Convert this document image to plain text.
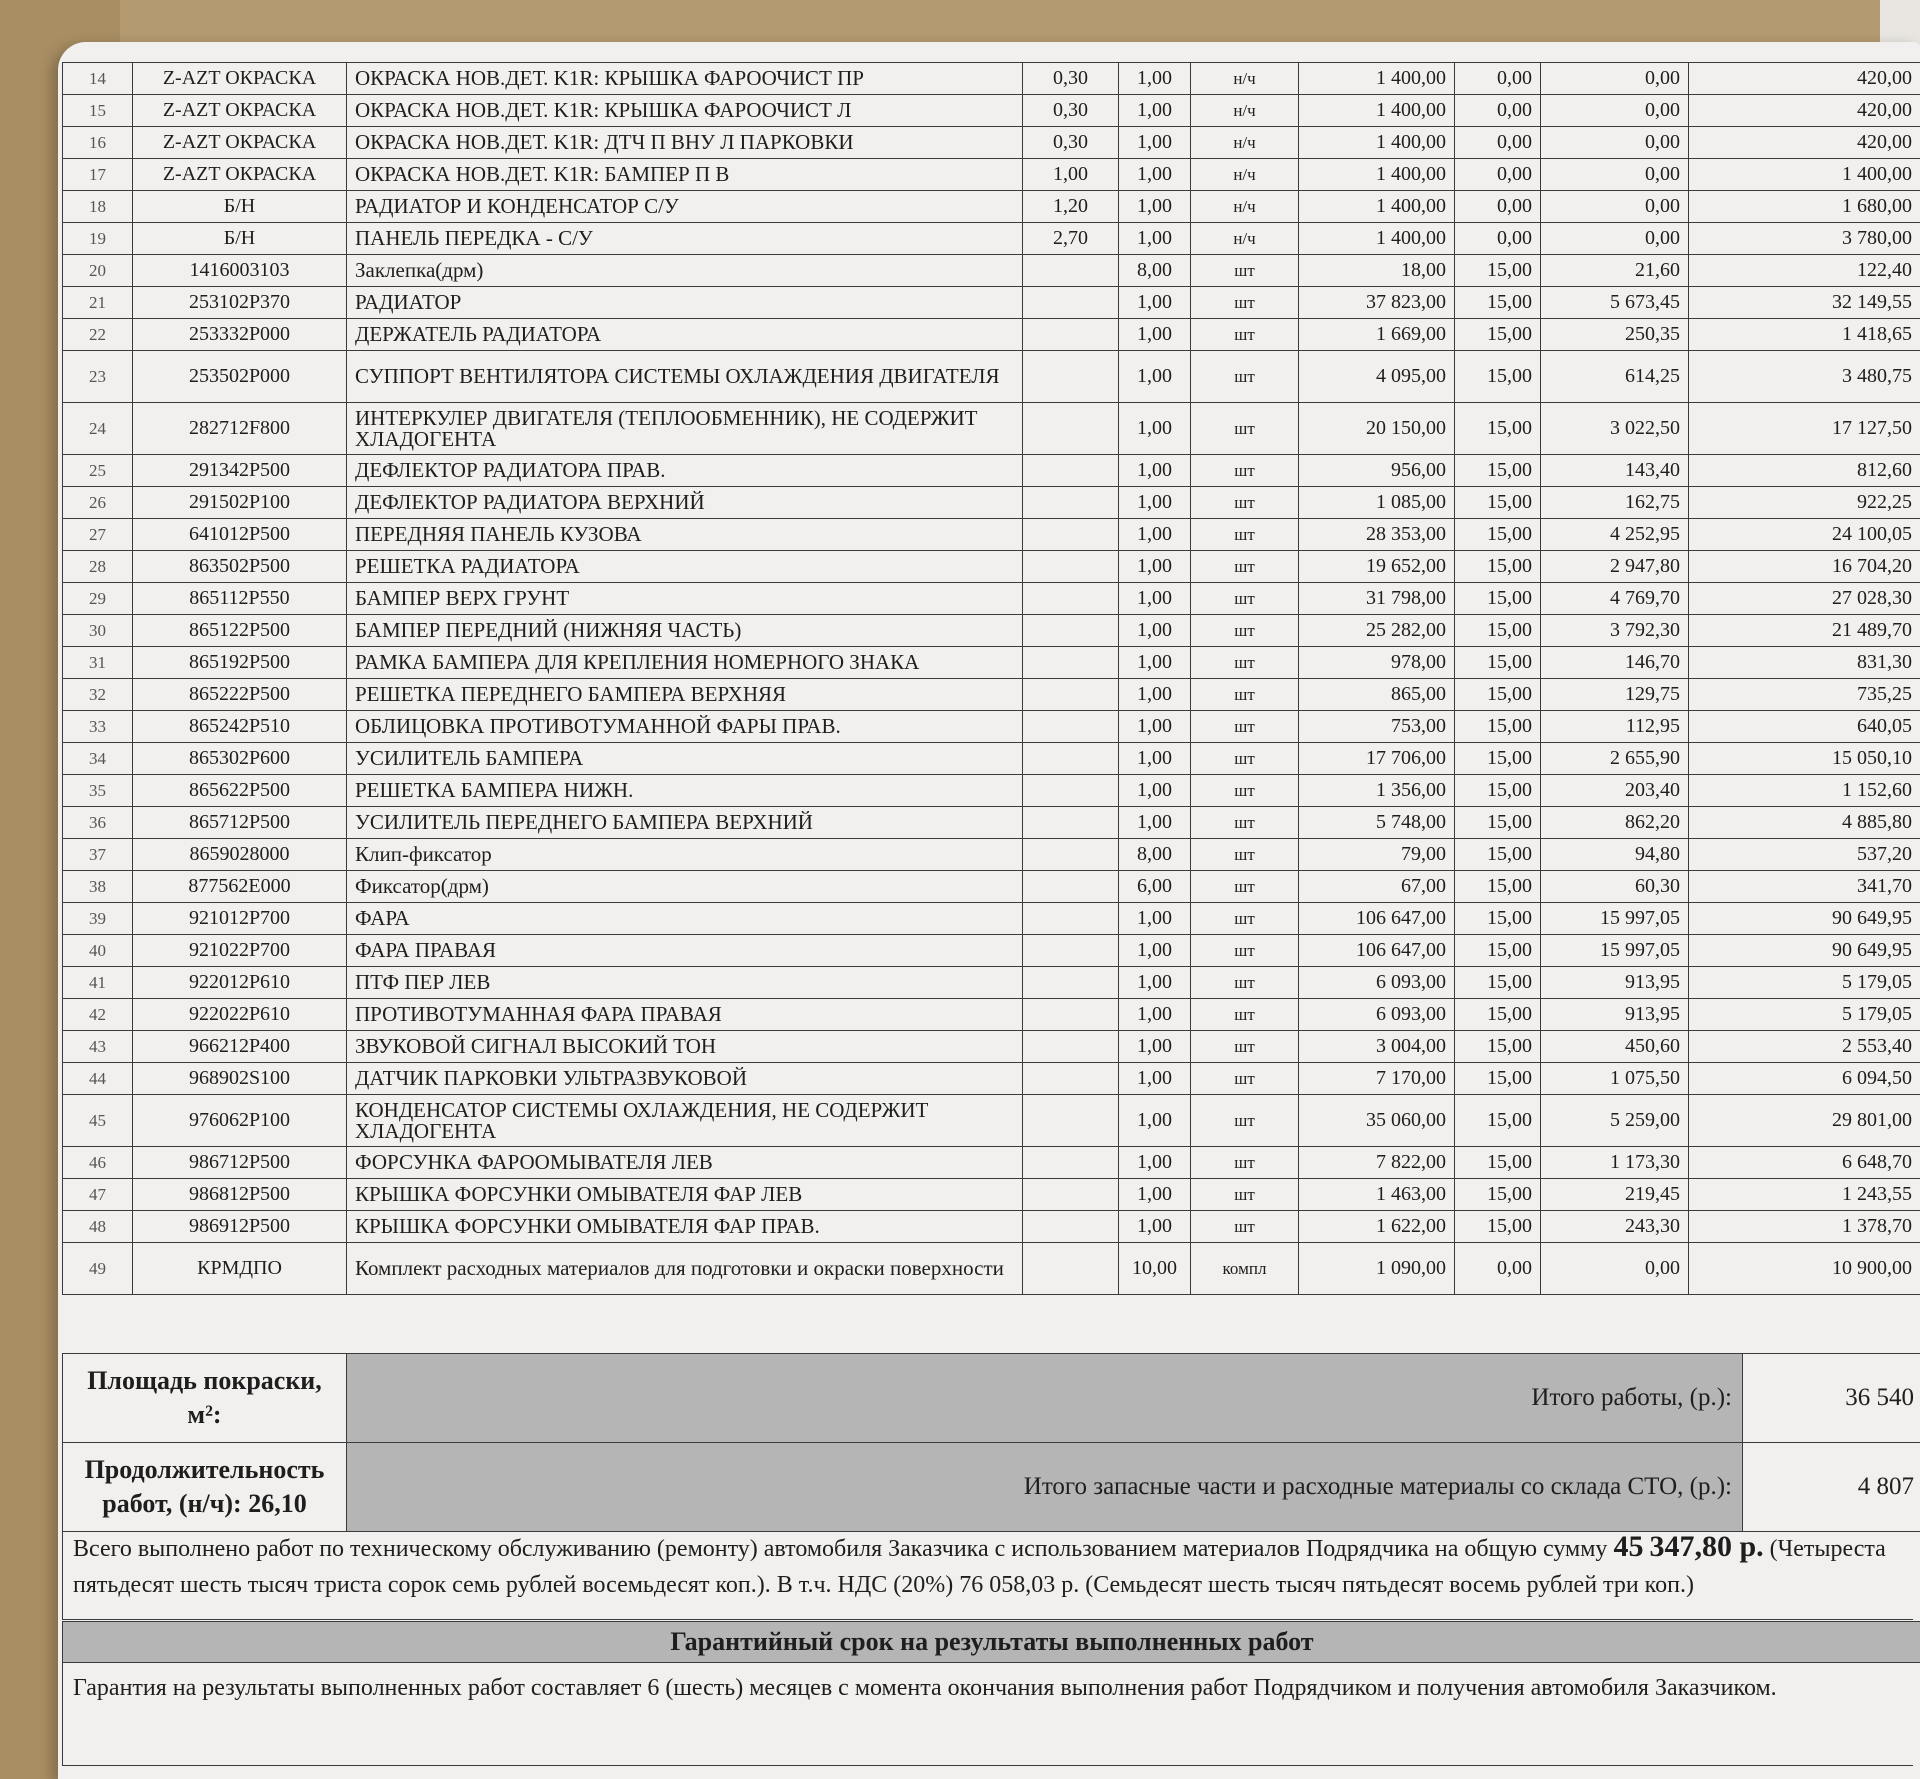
14	Z-AZT ОКРАСКА	ОКРАСКА НОВ.ДЕТ. K1R: КРЫШКА ФАРООЧИСТ ПР	0,30	1,00	н/ч	1 400,00	0,00	0,00	420,00
15	Z-AZT ОКРАСКА	ОКРАСКА НОВ.ДЕТ. K1R: КРЫШКА ФАРООЧИСТ Л	0,30	1,00	н/ч	1 400,00	0,00	0,00	420,00
16	Z-AZT ОКРАСКА	ОКРАСКА НОВ.ДЕТ. K1R: ДТЧ П ВНУ Л ПАРКОВКИ	0,30	1,00	н/ч	1 400,00	0,00	0,00	420,00
17	Z-AZT ОКРАСКА	ОКРАСКА НОВ.ДЕТ. K1R: БАМПЕР П В	1,00	1,00	н/ч	1 400,00	0,00	0,00	1 400,00
18	Б/Н	РАДИАТОР И КОНДЕНСАТОР С/У	1,20	1,00	н/ч	1 400,00	0,00	0,00	1 680,00
19	Б/Н	ПАНЕЛЬ ПЕРЕДКА - С/У	2,70	1,00	н/ч	1 400,00	0,00	0,00	3 780,00
20	1416003103	Заклепка(дрм)		8,00	шт	18,00	15,00	21,60	122,40
21	253102P370	РАДИАТОР		1,00	шт	37 823,00	15,00	5 673,45	32 149,55
22	253332P000	ДЕРЖАТЕЛЬ РАДИАТОРА		1,00	шт	1 669,00	15,00	250,35	1 418,65
23	253502P000	СУППОРТ ВЕНТИЛЯТОРА СИСТЕМЫ ОХЛАЖДЕНИЯ ДВИГАТЕЛЯ		1,00	шт	4 095,00	15,00	614,25	3 480,75
24	282712F800	ИНТЕРКУЛЕР ДВИГАТЕЛЯ (ТЕПЛООБМЕННИК), НЕ СОДЕРЖИТ ХЛАДОГЕНТА		1,00	шт	20 150,00	15,00	3 022,50	17 127,50
25	291342P500	ДЕФЛЕКТОР РАДИАТОРА ПРАВ.		1,00	шт	956,00	15,00	143,40	812,60
26	291502P100	ДЕФЛЕКТОР РАДИАТОРА ВЕРХНИЙ		1,00	шт	1 085,00	15,00	162,75	922,25
27	641012P500	ПЕРЕДНЯЯ ПАНЕЛЬ КУЗОВА		1,00	шт	28 353,00	15,00	4 252,95	24 100,05
28	863502P500	РЕШЕТКА РАДИАТОРА		1,00	шт	19 652,00	15,00	2 947,80	16 704,20
29	865112P550	БАМПЕР ВЕРХ ГРУНТ		1,00	шт	31 798,00	15,00	4 769,70	27 028,30
30	865122P500	БАМПЕР ПЕРЕДНИЙ (НИЖНЯЯ ЧАСТЬ)		1,00	шт	25 282,00	15,00	3 792,30	21 489,70
31	865192P500	РАМКА БАМПЕРА ДЛЯ КРЕПЛЕНИЯ НОМЕРНОГО ЗНАКА		1,00	шт	978,00	15,00	146,70	831,30
32	865222P500	РЕШЕТКА ПЕРЕДНЕГО БАМПЕРА ВЕРХНЯЯ		1,00	шт	865,00	15,00	129,75	735,25
33	865242P510	ОБЛИЦОВКА ПРОТИВОТУМАННОЙ ФАРЫ ПРАВ.		1,00	шт	753,00	15,00	112,95	640,05
34	865302P600	УСИЛИТЕЛЬ БАМПЕРА		1,00	шт	17 706,00	15,00	2 655,90	15 050,10
35	865622P500	РЕШЕТКА БАМПЕРА НИЖН.		1,00	шт	1 356,00	15,00	203,40	1 152,60
36	865712P500	УСИЛИТЕЛЬ ПЕРЕДНЕГО БАМПЕРА ВЕРХНИЙ		1,00	шт	5 748,00	15,00	862,20	4 885,80
37	8659028000	Клип-фиксатор		8,00	шт	79,00	15,00	94,80	537,20
38	877562E000	Фиксатор(дрм)		6,00	шт	67,00	15,00	60,30	341,70
39	921012P700	ФАРА		1,00	шт	106 647,00	15,00	15 997,05	90 649,95
40	921022P700	ФАРА ПРАВАЯ		1,00	шт	106 647,00	15,00	15 997,05	90 649,95
41	922012P610	ПТФ ПЕР ЛЕВ		1,00	шт	6 093,00	15,00	913,95	5 179,05
42	922022P610	ПРОТИВОТУМАННАЯ ФАРА ПРАВАЯ		1,00	шт	6 093,00	15,00	913,95	5 179,05
43	966212P400	ЗВУКОВОЙ СИГНАЛ ВЫСОКИЙ ТОН		1,00	шт	3 004,00	15,00	450,60	2 553,40
44	968902S100	ДАТЧИК ПАРКОВКИ УЛЬТРАЗВУКОВОЙ		1,00	шт	7 170,00	15,00	1 075,50	6 094,50
45	976062P100	КОНДЕНСАТОР СИСТЕМЫ ОХЛАЖДЕНИЯ, НЕ СОДЕРЖИТ ХЛАДОГЕНТА		1,00	шт	35 060,00	15,00	5 259,00	29 801,00
46	986712P500	ФОРСУНКА ФАРООМЫВАТЕЛЯ ЛЕВ		1,00	шт	7 822,00	15,00	1 173,30	6 648,70
47	986812P500	КРЫШКА ФОРСУНКИ ОМЫВАТЕЛЯ ФАР ЛЕВ		1,00	шт	1 463,00	15,00	219,45	1 243,55
48	986912P500	КРЫШКА ФОРСУНКИ ОМЫВАТЕЛЯ ФАР ПРАВ.		1,00	шт	1 622,00	15,00	243,30	1 378,70
49	КРМДПО	Комплект расходных материалов для подготовки и окраски поверхности		10,00	компл	1 090,00	0,00	0,00	10 900,00
Площадь покраски, м²:	Итого работы, (р.):	36 540
Продолжительность работ, (н/ч): 26,10	Итого запасные части и расходные материалы со склада СТО, (р.):	4 807
Всего выполнено работ по техническому обслуживанию (ремонту) автомобиля Заказчика с использованием материалов Подрядчика на общую сумму 45 347,80 р. (Четыреста пятьдесят шесть тысяч триста сорок семь рублей восемьдесят коп.). В т.ч. НДС (20%) 76 058,03 р. (Семьдесят шесть тысяч пятьдесят восемь рублей три коп.)
Гарантийный срок на результаты выполненных работ
Гарантия на результаты выполненных работ составляет 6 (шесть) месяцев с момента окончания выполнения работ Подрядчиком и получения автомобиля Заказчиком.
